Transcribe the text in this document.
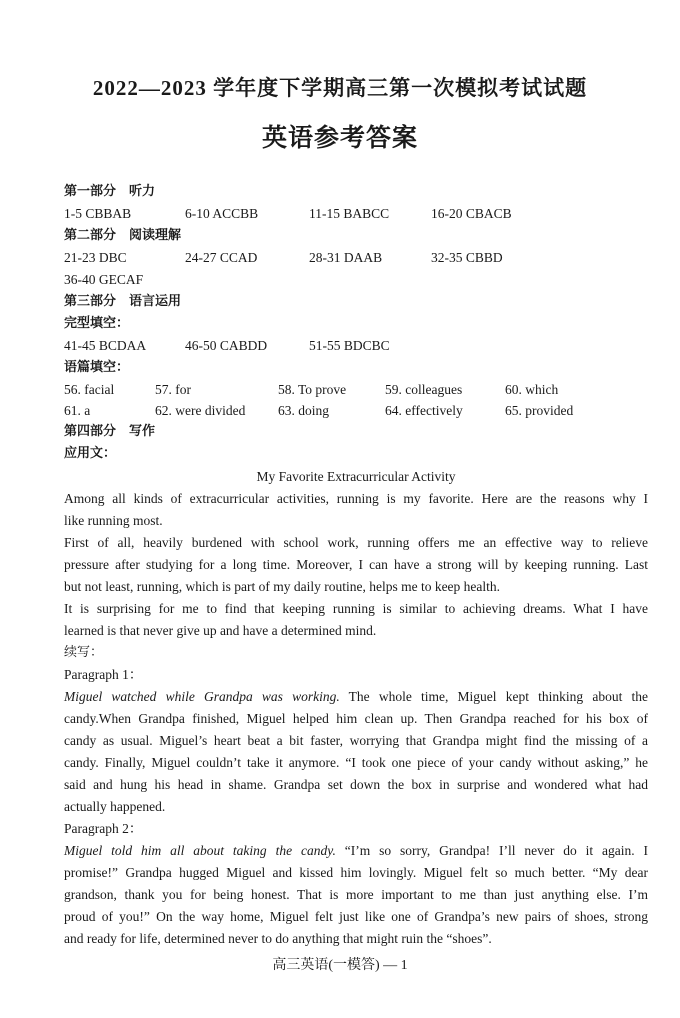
2022—2023 学年度下学期高三第一次模拟考试试题
英语参考答案
第一部分　听力
1-5 CBBAB	6-10 ACCBB	11-15 BABCC	16-20 CBACB
第二部分　阅读理解
21-23 DBC	24-27 CCAD	28-31 DAAB	32-35 CBBD
36-40 GECAF
第三部分　语言运用
完型填空：
41-45 BCDAA	46-50 CABDD	51-55 BDCBC
语篇填空：
56. facial	57. for	58. To prove	59. colleagues	60. which
61. a	62. were divided 63. doing	64. effectively	65. provided
第四部分　写作
应用文：
My Favorite Extracurricular Activity
Among all kinds of extracurricular activities, running is my favorite. Here are the reasons why I
like running most.
First of all, heavily burdened with school work, running offers me an effective way to relieve
pressure after studying for a long time. Moreover, I can have a strong will by keeping running. Last
but not least, running, which is part of my daily routine, helps me to keep health.
It is surprising for me to find that keeping running is similar to achieving dreams. What I have
learned is that never give up and have a determined mind.
续写：
Paragraph 1：
Miguel watched while Grandpa was working. The whole time, Miguel kept thinking about the
candy.When Grandpa finished, Miguel helped him clean up. Then Grandpa reached for his box of
candy as usual. Miguel’s heart beat a bit faster, worrying that Grandpa might find the missing of a
candy. Finally, Miguel couldn’t take it anymore. “I took one piece of your candy without asking,” he
said and hung his head in shame. Grandpa set down the box in surprise and wondered what had
actually happened.
Paragraph 2：
Miguel told him all about taking the candy. “I’m so sorry, Grandpa! I’ll never do it again. I
promise!” Grandpa hugged Miguel and kissed him lovingly. Miguel felt so much better. “My dear
grandson, thank you for being honest. That is more important to me than just anything else. I’m
proud of you!” On the way home, Miguel felt just like one of Grandpa’s new pairs of shoes, strong
and ready for life, determined never to do anything that might ruin the “shoes”.
高三英语(一模答) — 1
